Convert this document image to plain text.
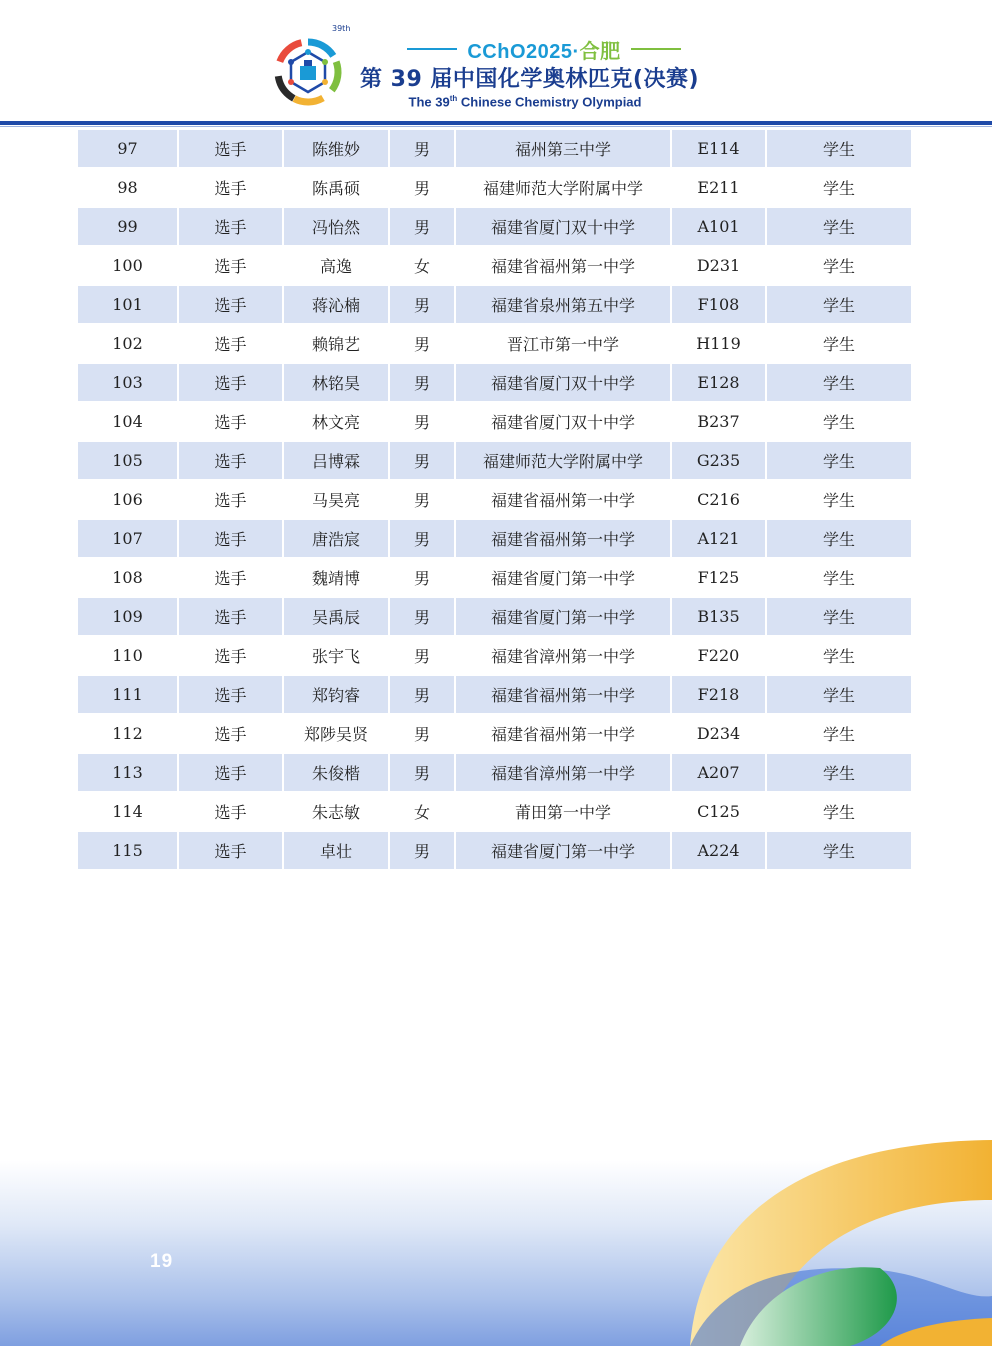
39th
CChO2025·合肥
第 39 届中国化学奥林匹克(决赛)
The 39th Chinese Chemistry Olympiad
97	选手	陈维妙	男	福州第三中学	E114	学生
98	选手	陈禹硕	男	福建师范大学附属中学	E211	学生
99	选手	冯怡然	男	福建省厦门双十中学	A101	学生
100	选手	高逸	女	福建省福州第一中学	D231	学生
101	选手	蒋沁楠	男	福建省泉州第五中学	F108	学生
102	选手	赖锦艺	男	晋江市第一中学	H119	学生
103	选手	林铭昊	男	福建省厦门双十中学	E128	学生
104	选手	林文亮	男	福建省厦门双十中学	B237	学生
105	选手	吕博霖	男	福建师范大学附属中学	G235	学生
106	选手	马昊亮	男	福建省福州第一中学	C216	学生
107	选手	唐浩宸	男	福建省福州第一中学	A121	学生
108	选手	魏靖博	男	福建省厦门第一中学	F125	学生
109	选手	吴禹辰	男	福建省厦门第一中学	B135	学生
110	选手	张宇飞	男	福建省漳州第一中学	F220	学生
111	选手	郑钧睿	男	福建省福州第一中学	F218	学生
112	选手	郑陟吴贤	男	福建省福州第一中学	D234	学生
113	选手	朱俊楷	男	福建省漳州第一中学	A207	学生
114	选手	朱志敏	女	莆田第一中学	C125	学生
115	选手	卓壮	男	福建省厦门第一中学	A224	学生
19
